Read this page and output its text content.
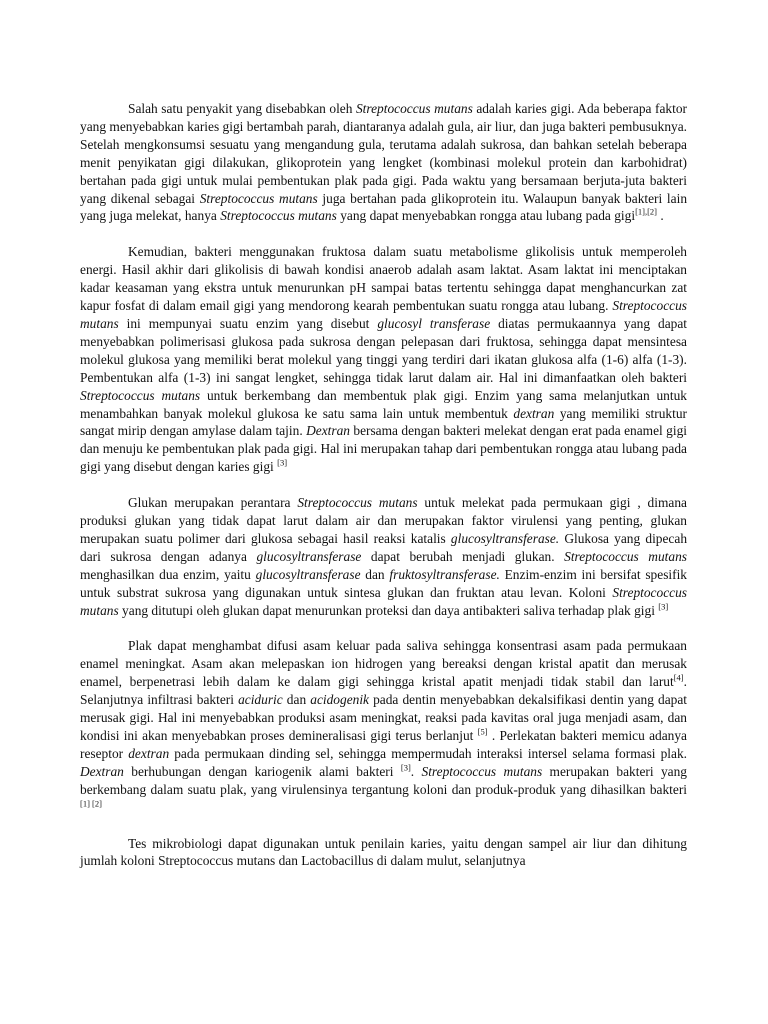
Salah satu penyakit yang disebabkan oleh Streptococcus mutans adalah karies gigi. Ada beberapa faktor yang menyebabkan karies gigi bertambah parah, diantaranya adalah gula, air liur, dan juga bakteri pembusuknya. Setelah mengkonsumsi sesuatu yang mengandung gula, terutama adalah sukrosa, dan bahkan setelah beberapa menit penyikatan gigi dilakukan, glikoprotein yang lengket (kombinasi molekul protein dan karbohidrat) bertahan pada gigi untuk mulai pembentukan plak pada gigi. Pada waktu yang bersamaan berjuta-juta bakteri yang dikenal sebagai Streptococcus mutans juga bertahan pada glikoprotein itu. Walaupun banyak bakteri lain yang juga melekat, hanya Streptococcus mutans yang dapat menyebabkan rongga atau lubang pada gigi[1],[2] .

Kemudian, bakteri menggunakan fruktosa dalam suatu metabolisme glikolisis untuk memperoleh energi. Hasil akhir dari glikolisis di bawah kondisi anaerob adalah asam laktat. Asam laktat ini menciptakan kadar keasaman yang ekstra untuk menurunkan pH sampai batas tertentu sehingga dapat menghancurkan zat kapur fosfat di dalam email gigi yang mendorong kearah pembentukan suatu rongga atau lubang. Streptococcus mutans ini mempunyai suatu enzim yang disebut glucosyl transferase diatas permukaannya yang dapat menyebabkan polimerisasi glukosa pada sukrosa dengan pelepasan dari fruktosa, sehingga dapat mensintesa molekul glukosa yang memiliki berat molekul yang tinggi yang terdiri dari ikatan glukosa alfa (1-6) alfa (1-3). Pembentukan alfa (1-3) ini sangat lengket, sehingga tidak larut dalam air. Hal ini dimanfaatkan oleh bakteri Streptococcus mutans untuk berkembang dan membentuk plak gigi. Enzim yang sama melanjutkan untuk menambahkan banyak molekul glukosa ke satu sama lain untuk membentuk dextran yang memiliki struktur sangat mirip dengan amylase dalam tajin. Dextran bersama dengan bakteri melekat dengan erat pada enamel gigi dan menuju ke pembentukan plak pada gigi. Hal ini merupakan tahap dari pembentukan rongga atau lubang pada gigi yang disebut dengan karies gigi [3]

Glukan merupakan perantara Streptococcus mutans untuk melekat pada permukaan gigi , dimana produksi glukan yang tidak dapat larut dalam air dan merupakan faktor virulensi yang penting, glukan merupakan suatu polimer dari glukosa sebagai hasil reaksi katalis glucosyltransferase. Glukosa yang dipecah dari sukrosa dengan adanya glucosyltransferase dapat berubah menjadi glukan. Streptococcus mutans menghasilkan dua enzim, yaitu glucosyltransferase dan fruktosyltransferase. Enzim-enzim ini bersifat spesifik untuk substrat sukrosa yang digunakan untuk sintesa glukan dan fruktan atau levan. Koloni Streptococcus mutans yang ditutupi oleh glukan dapat menurunkan proteksi dan daya antibakteri saliva terhadap plak gigi [3]

Plak dapat menghambat difusi asam keluar pada saliva sehingga konsentrasi asam pada permukaan enamel meningkat. Asam akan melepaskan ion hidrogen yang bereaksi dengan kristal apatit dan merusak enamel, berpenetrasi lebih dalam ke dalam gigi sehingga kristal apatit menjadi tidak stabil dan larut[4]. Selanjutnya infiltrasi bakteri aciduric dan acidogenik pada dentin menyebabkan dekalsifikasi dentin yang dapat merusak gigi. Hal ini menyebabkan produksi asam meningkat, reaksi pada kavitas oral juga menjadi asam, dan kondisi ini akan menyebabkan proses demineralisasi gigi terus berlanjut [5] . Perlekatan bakteri memicu adanya reseptor dextran pada permukaan dinding sel, sehingga mempermudah interaksi intersel selama formasi plak. Dextran berhubungan dengan kariogenik alami bakteri [3]. Streptococcus mutans merupakan bakteri yang berkembang dalam suatu plak, yang virulensinya tergantung koloni dan produk-produk yang dihasilkan bakteri [1] [2]

Tes mikrobiologi dapat digunakan untuk penilain karies, yaitu dengan sampel air liur dan dihitung jumlah koloni Streptococcus mutans dan Lactobacillus di dalam mulut, selanjutnya
